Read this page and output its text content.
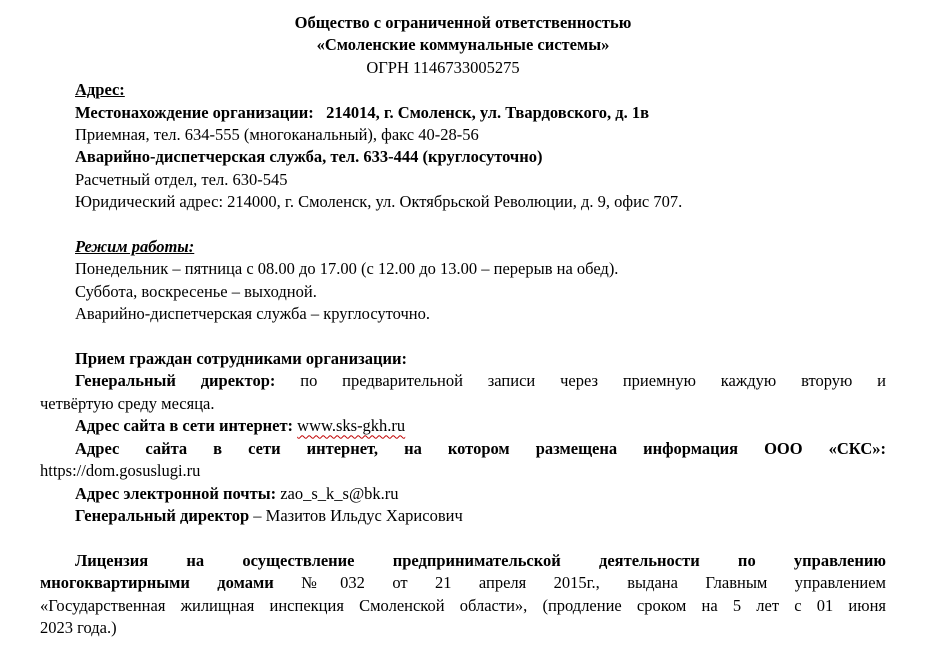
Общество с ограниченной ответственностью
«Смоленские коммунальные системы»
ОГРН 1146733005275
Адрес:
Местонахождение организации: 214014, г. Смоленск, ул. Твардовского, д. 1в
Приемная, тел. 634-555 (многоканальный), факс 40-28-56
Аварийно-диспетчерская служба, тел. 633-444 (круглосуточно)
Расчетный отдел, тел. 630-545
Юридический адрес: 214000, г. Смоленск, ул. Октябрьской Революции, д. 9, офис 707.
Режим работы:
Понедельник – пятница с 08.00 до 17.00 (с 12.00 до 13.00 – перерыв на обед).
Суббота, воскресенье – выходной.
Аварийно-диспетчерская служба – круглосуточно.
Прием граждан сотрудниками организации:
Генеральный директор: по предварительной записи через приемную каждую вторую и
четвёртую среду месяца.
Адрес сайта в сети интернет: www.sks-gkh.ru
Адрес сайта в сети интернет, на котором размещена информация ООО «СКС»:
https://dom.gosuslugi.ru
Адрес электронной почты: zao_s_k_s@bk.ru
Генеральный директор – Мазитов Ильдус Харисович
Лицензия на осуществление предпринимательской деятельности по управлению
многоквартирными домами №032 от 21 апреля 2015г., выдана Главным управлением
«Государственная жилищная инспекция Смоленской области», (продление сроком на 5 лет с 01 июня
2023 года.)
